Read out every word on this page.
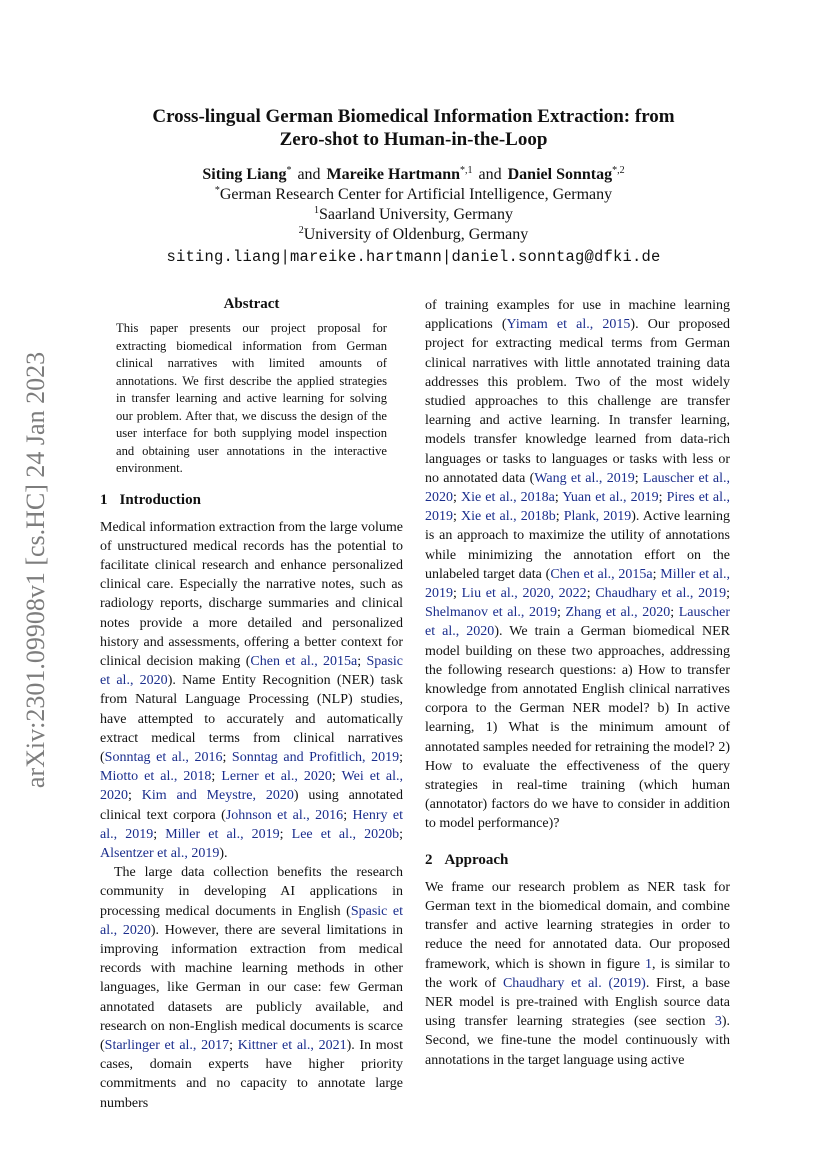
arXiv:2301.09908v1 [cs.HC] 24 Jan 2023
Cross-lingual German Biomedical Information Extraction: from
Zero-shot to Human-in-the-Loop
Siting Liang* and Mareike Hartmann$^{*,1}$ and Daniel Sonntag$^{*,2}$
*German Research Center for Artificial Intelligence, Germany
$^1$Saarland University, Germany
$^2$University of Oldenburg, Germany
siting.liang|mareike.hartmann|daniel.sonntag@dfki.de
Abstract

This paper presents our project proposal for extracting biomedical information from German clinical narratives with limited amounts of annotations. We first describe the applied strategies in transfer learning and active learning for solving our problem. After that, we discuss the design of the user interface for both supplying model inspection and obtaining user annotations in the interactive environment.

1 Introduction

Medical information extraction from the large volume of unstructured medical records has the potential to facilitate clinical research and enhance personalized clinical care. Especially the narrative notes, such as radiology reports, discharge summaries and clinical notes provide a more detailed and personalized history and assessments, offering a better context for clinical decision making (Chen et al., 2015a; Spasic et al., 2020). Name Entity Recognition (NER) task from Natural Language Processing (NLP) studies, have attempted to accurately and automatically extract medical terms from clinical narratives (Sonntag et al., 2016; Sonntag and Profitlich, 2019; Miotto et al., 2018; Lerner et al., 2020; Wei et al., 2020; Kim and Meystre, 2020) using annotated clinical text corpora (Johnson et al., 2016; Henry et al., 2019; Miller et al., 2019; Lee et al., 2020b; Alsentzer et al., 2019).

The large data collection benefits the research community in developing AI applications in processing medical documents in English (Spasic et al., 2020). However, there are several limitations in improving information extraction from medical records with machine learning methods in other languages, like German in our case: few German annotated datasets are publicly available, and research on non-English medical documents is scarce (Starlinger et al., 2017; Kittner et al., 2021). In most cases, domain experts have higher priority commitments and no capacity to annotate large numbers

of training examples for use in machine learning applications (Yimam et al., 2015). Our proposed project for extracting medical terms from German clinical narratives with little annotated training data addresses this problem. Two of the most widely studied approaches to this challenge are transfer learning and active learning. In transfer learning, models transfer knowledge learned from data-rich languages or tasks to languages or tasks with less or no annotated data (Wang et al., 2019; Lauscher et al., 2020; Xie et al., 2018a; Yuan et al., 2019; Pires et al., 2019; Xie et al., 2018b; Plank, 2019). Active learning is an approach to maximize the utility of annotations while minimizing the annotation effort on the unlabeled target data (Chen et al., 2015a; Miller et al., 2019; Liu et al., 2020, 2022; Chaudhary et al., 2019; Shelmanov et al., 2019; Zhang et al., 2020; Lauscher et al., 2020). We train a German biomedical NER model building on these two approaches, addressing the following research questions: a) How to transfer knowledge from annotated English clinical narratives corpora to the German NER model? b) In active learning, 1) What is the minimum amount of annotated samples needed for retraining the model? 2) How to evaluate the effectiveness of the query strategies in real-time training (which human (annotator) factors do we have to consider in addition to model performance)?

2 Approach

We frame our research problem as NER task for German text in the biomedical domain, and combine transfer and active learning strategies in order to reduce the need for annotated data. Our proposed framework, which is shown in figure 1, is similar to the work of Chaudhary et al. (2019). First, a base NER model is pre-trained with English source data using transfer learning strategies (see section 3). Second, we fine-tune the model continuously with annotations in the target language using active
